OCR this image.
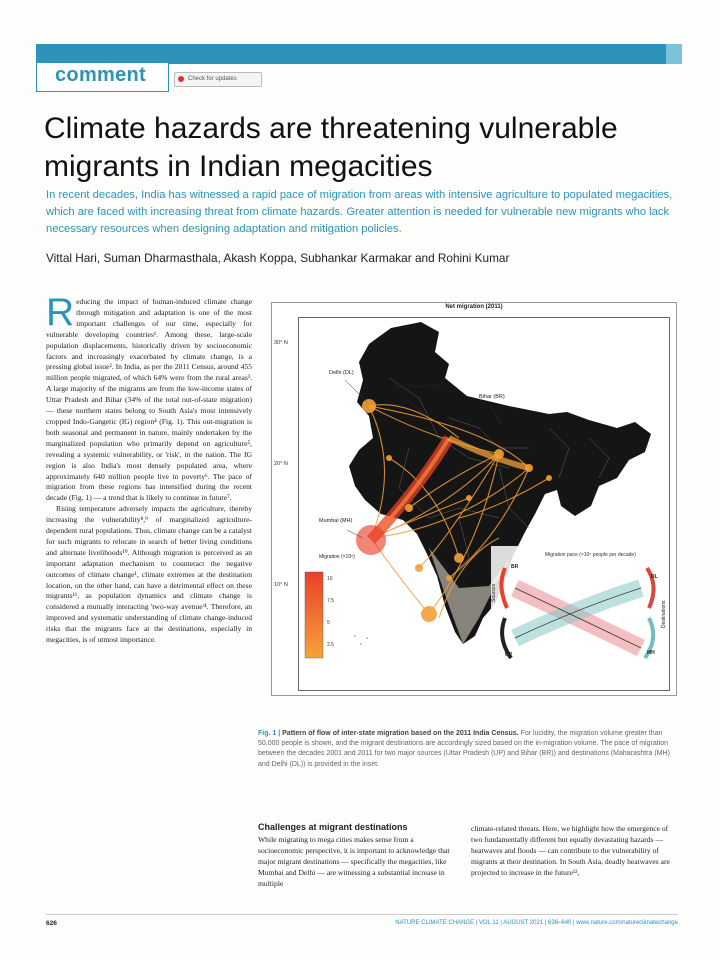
comment	Check for updates
Climate hazards are threatening vulnerable
migrants in Indian megacities

In recent decades, India has witnessed a rapid pace of migration from areas with intensive agriculture to populated megacities, which are faced with increasing threat from climate hazards. Greater attention is needed for vulnerable new migrants who lack necessary resources when designing adaptation and mitigation policies.

Vittal Hari, Suman Dharmasthala, Akash Koppa, Subhankar Karmakar and Rohini Kumar

Reducing the impact of human-induced climate change through mitigation and adaptation is one of the most important challenges of our time, especially for vulnerable developing countries¹. Among these, large-scale population displacements, historically driven by socioeconomic factors and increasingly exacerbated by climate change, is a pressing global issue². In India, as per the 2011 Census, around 455 million people migrated, of which 64% were from the rural areas³. A large majority of the migrants are from the low-income states of Uttar Pradesh and Bihar (34% of the total out-of-state migration) — these northern states belong to South Asia's most intensively cropped Indo-Gangetic (IG) region⁴ (Fig. 1). This out-migration is both seasonal and permanent in nature, mainly undertaken by the marginalized population who primarily depend on agriculture⁵, revealing a systemic vulnerability, or 'risk', in the nation. The IG region is also India's most densely populated area, where approximately 640 million people live in poverty⁶. The pace of migration from these regions has intensified during the recent decade (Fig. 1) — a trend that is likely to continue in future⁷.

Rising temperature adversely impacts the agriculture, thereby increasing the vulnerability⁸,⁹ of marginalized agriculture-dependent rural populations. Thus, climate change can be a catalyst for such migrants to relocate in search of better living conditions and alternate livelihoods¹⁰. Although migration is perceived as an important adaptation mechanism to counteract the negative outcomes of climate change¹, climate extremes at the destination location, on the other hand, can have a detrimental effect on these migrants¹¹, as population dynamics and climate change is considered a mutually interacting 'two-way avenue'⁴. Therefore, an improved and systematic understanding of climate change-induced risks that the migrants face at the destinations, especially in megacities, is of utmost importance.

Net migration (2011)
30° N
20° N
10° N
Delhi (DL)
Uttar Pradesh (UP)
Bihar (BR)
Mumbai (MH)
Migration (×10⁵)
10
7.5
5
2.5
Migration pace (×10⁵ people per decade)
Sources
Destinations
BR
UP
DL
MH
Fig. 1 | Pattern of flow of inter-state migration based on the 2011 India Census. For lucidity, the migration volume greater than 50,000 people is shown, and the migrant destinations are accordingly sized based on the in-migration volume. The pace of migration between the decades 2001 and 2011 for two major sources (Uttar Pradesh (UP) and Bihar (BR)) and destinations (Maharashtra (MH) and Delhi (DL)) is provided in the inset.
Challenges at migrant destinations

While migrating to mega cities makes sense from a socioeconomic perspective, it is important to acknowledge that major migrant destinations — specifically the megacities, like Mumbai and Delhi — are witnessing a substantial increase in multiple

climate-related threats. Here, we highlight how the emergence of two fundamentally different but equally devastating hazards — heatwaves and floods — can contribute to the vulnerability of migrants at their destination. In South Asia, deadly heatwaves are projected to increase in the future¹²,

626	NATURE CLIMATE CHANGE | VOL 11 | AUGUST 2021 | 636–640 | www.nature.com/natureclimatechange
